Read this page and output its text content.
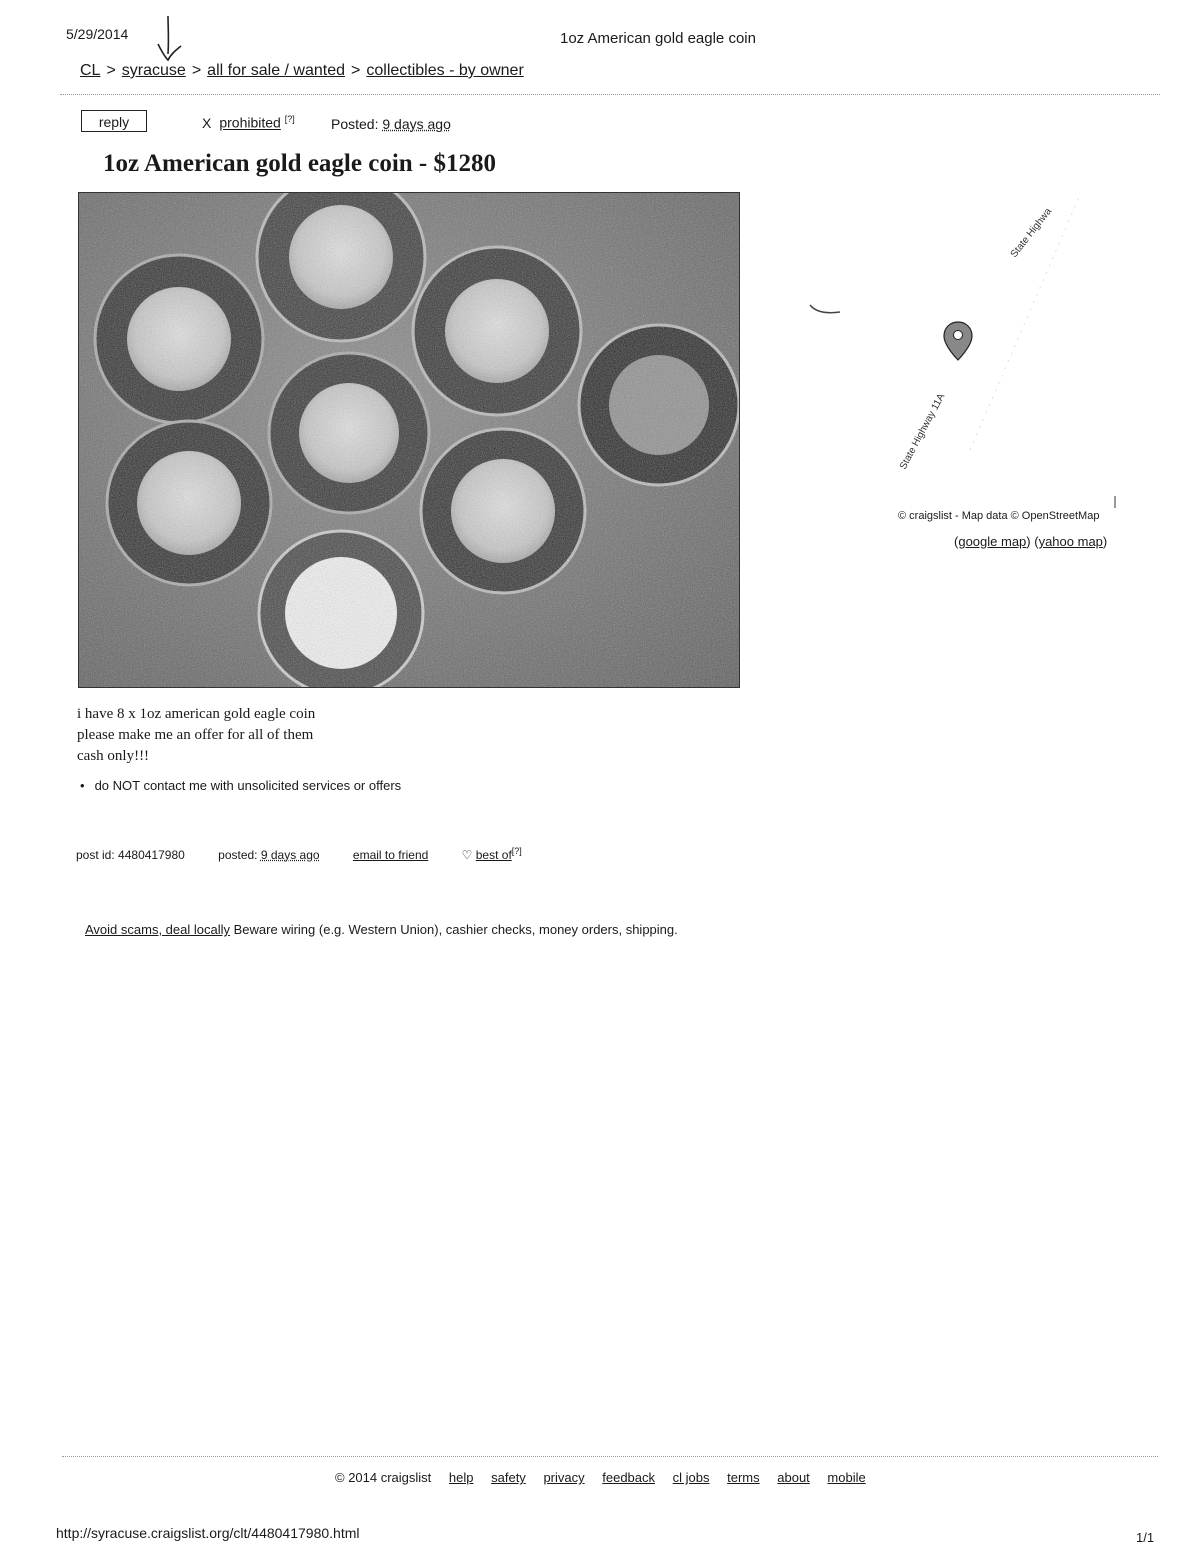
5/29/2014	1oz American gold eagle coin
CL > syracuse > all for sale / wanted > collectibles - by owner
reply	X prohibited [?]	Posted: 9 days ago
1oz American gold eagle coin - $1280
State Highwa
State Highway 11A
© craigslist - Map data © OpenStreetMap
(google map) (yahoo map)
i have 8 x 1oz american gold eagle coin
please make me an offer for all of them
cash only!!!
• do NOT contact me with unsolicited services or offers
post id: 4480417980	posted: 9 days ago	email to friend	♡ best of[?]
Avoid scams, deal locally Beware wiring (e.g. Western Union), cashier checks, money orders, shipping.
© 2014 craigslist help safety privacy feedback cl jobs terms about mobile
http://syracuse.craigslist.org/clt/4480417980.html	1/1
